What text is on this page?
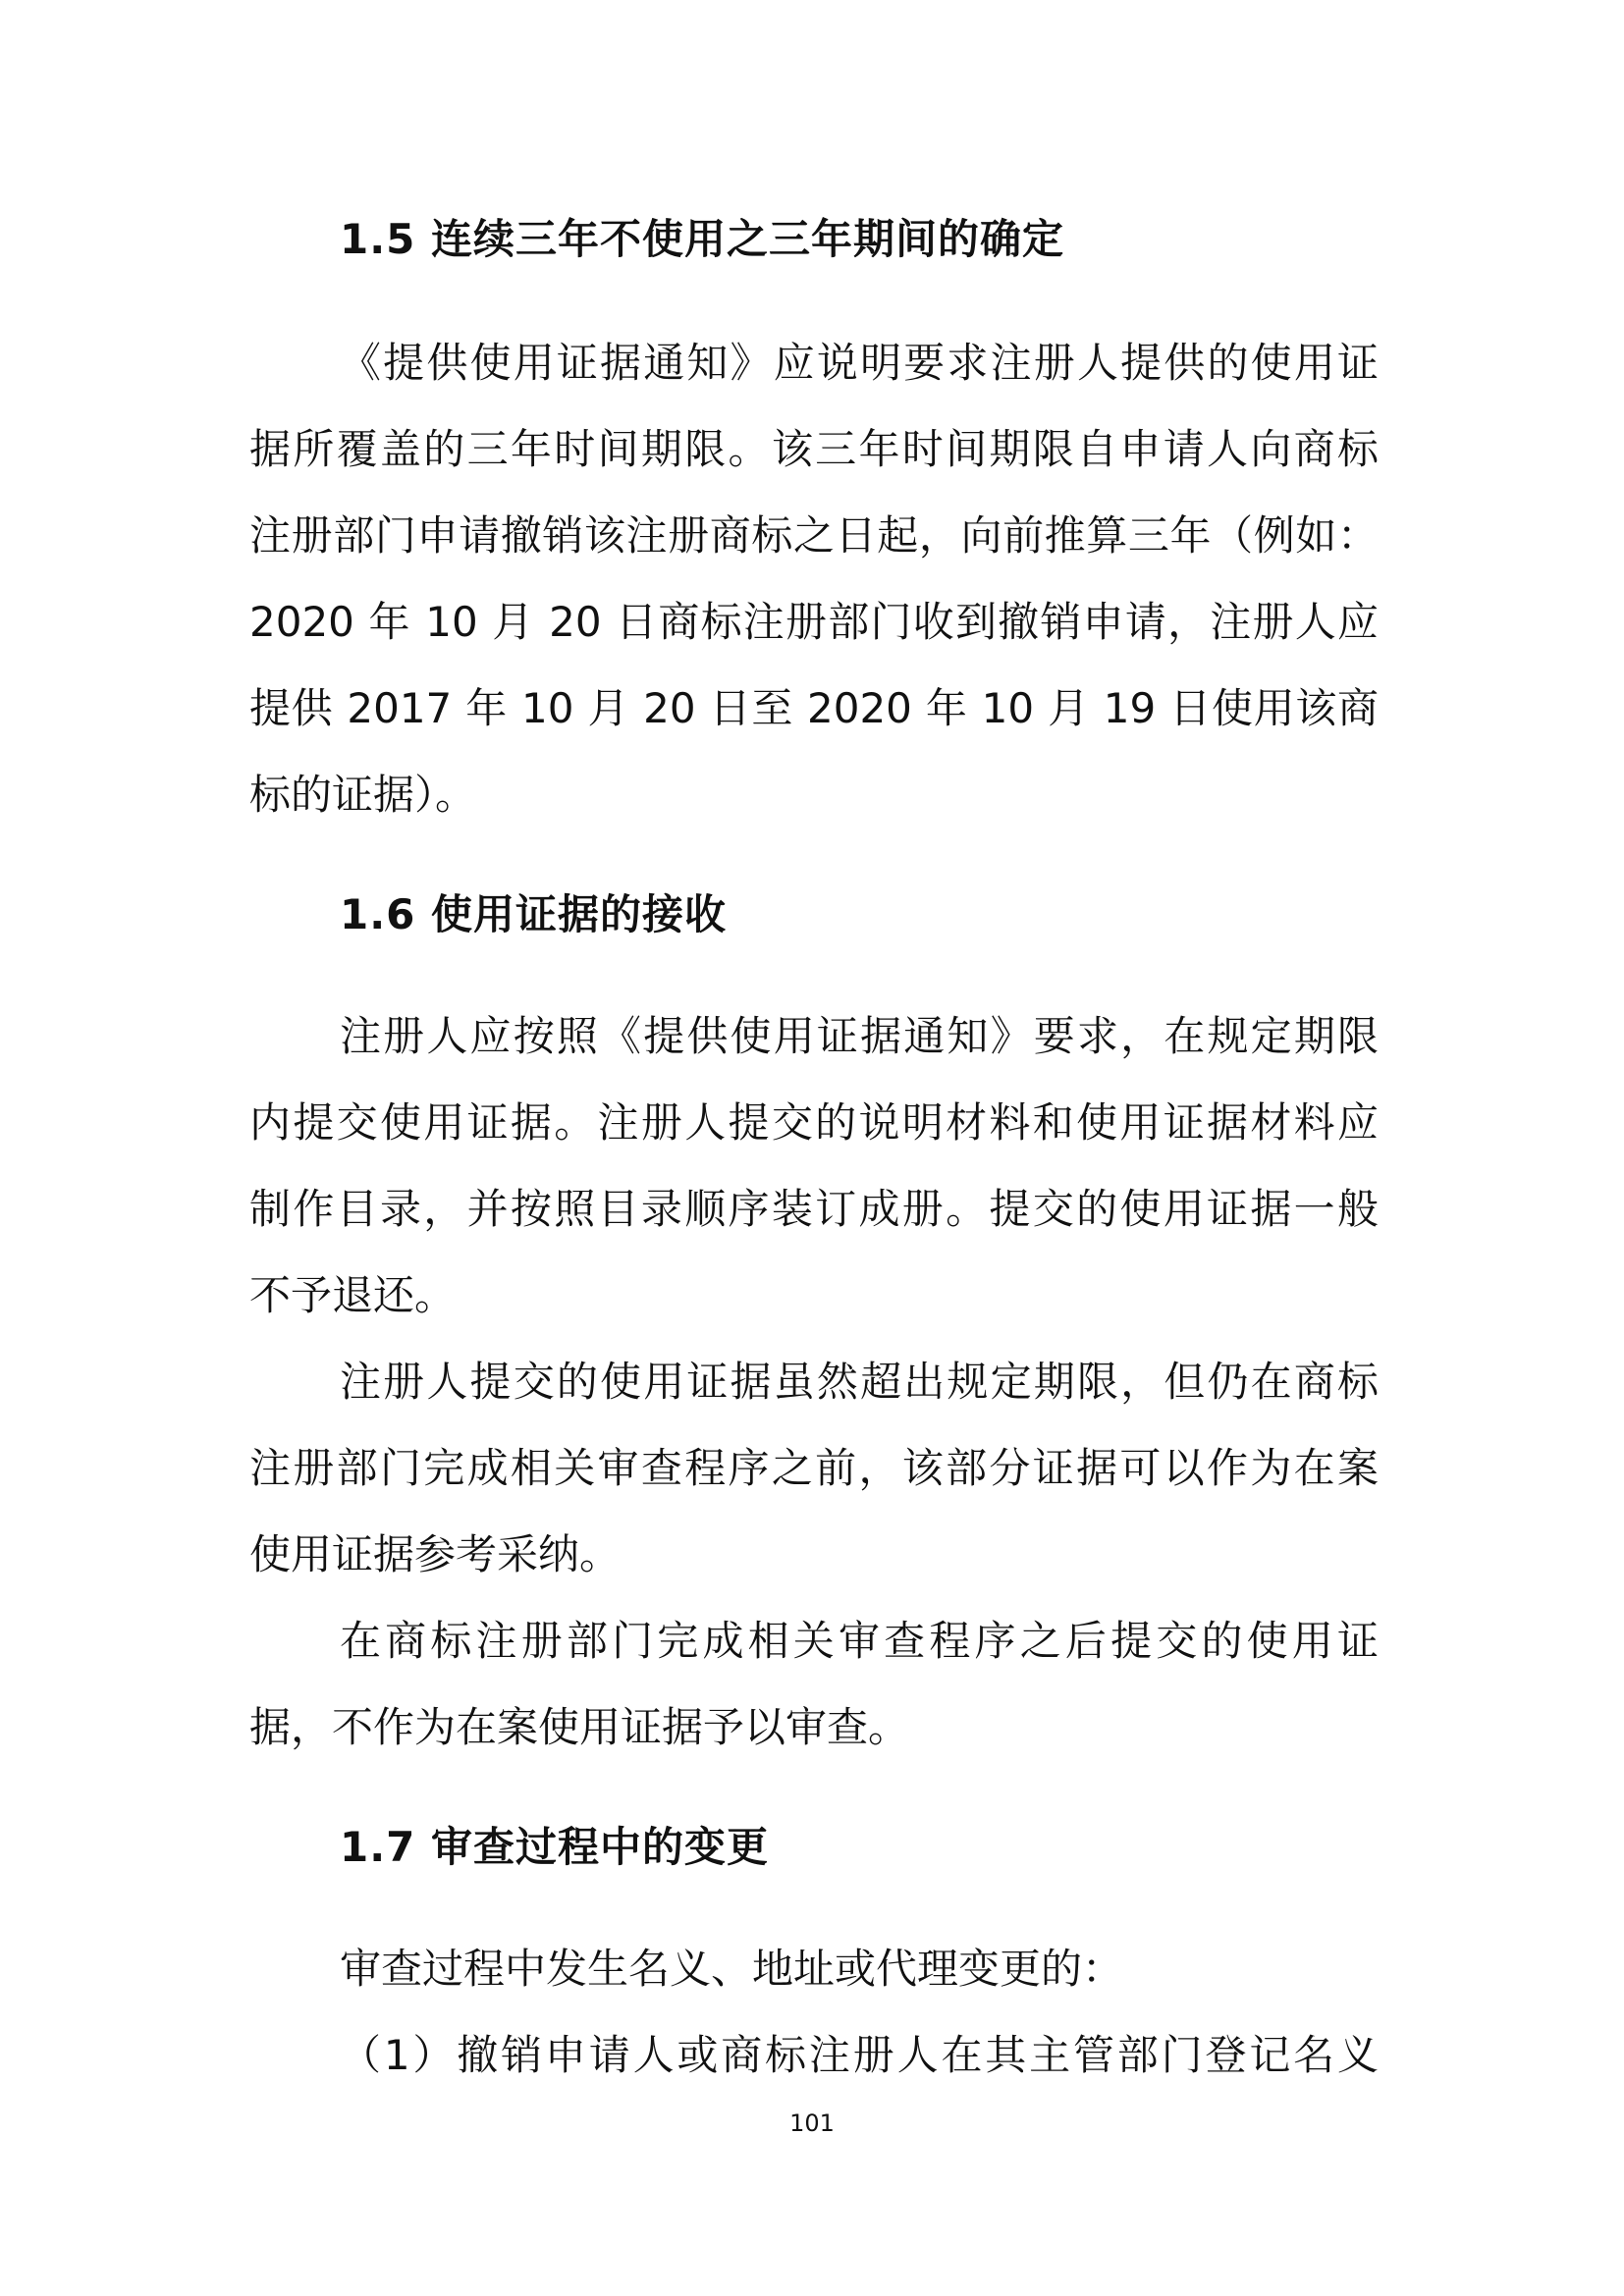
1.5 连续三年不使用之三年期间的确定
《提供使用证据通知》应说明要求注册人提供的使用证
据所覆盖的三年时间期限。该三年时间期限自申请人向商标
注册部门申请撤销该注册商标之日起，向前推算三年（例如：
2020 年 10 月 20 日商标注册部门收到撤销申请，注册人应
提供 2017 年 10 月 20 日至 2020 年 10 月 19 日使用该商
标的证据）。
1.6 使用证据的接收
注册人应按照《提供使用证据通知》要求，在规定期限
内提交使用证据。注册人提交的说明材料和使用证据材料应
制作目录，并按照目录顺序装订成册。提交的使用证据一般
不予退还。
注册人提交的使用证据虽然超出规定期限，但仍在商标
注册部门完成相关审查程序之前，该部分证据可以作为在案
使用证据参考采纳。
在商标注册部门完成相关审查程序之后提交的使用证
据，不作为在案使用证据予以审查。
1.7 审查过程中的变更
审查过程中发生名义、地址或代理变更的：
（1）撤销申请人或商标注册人在其主管部门登记名义
101
